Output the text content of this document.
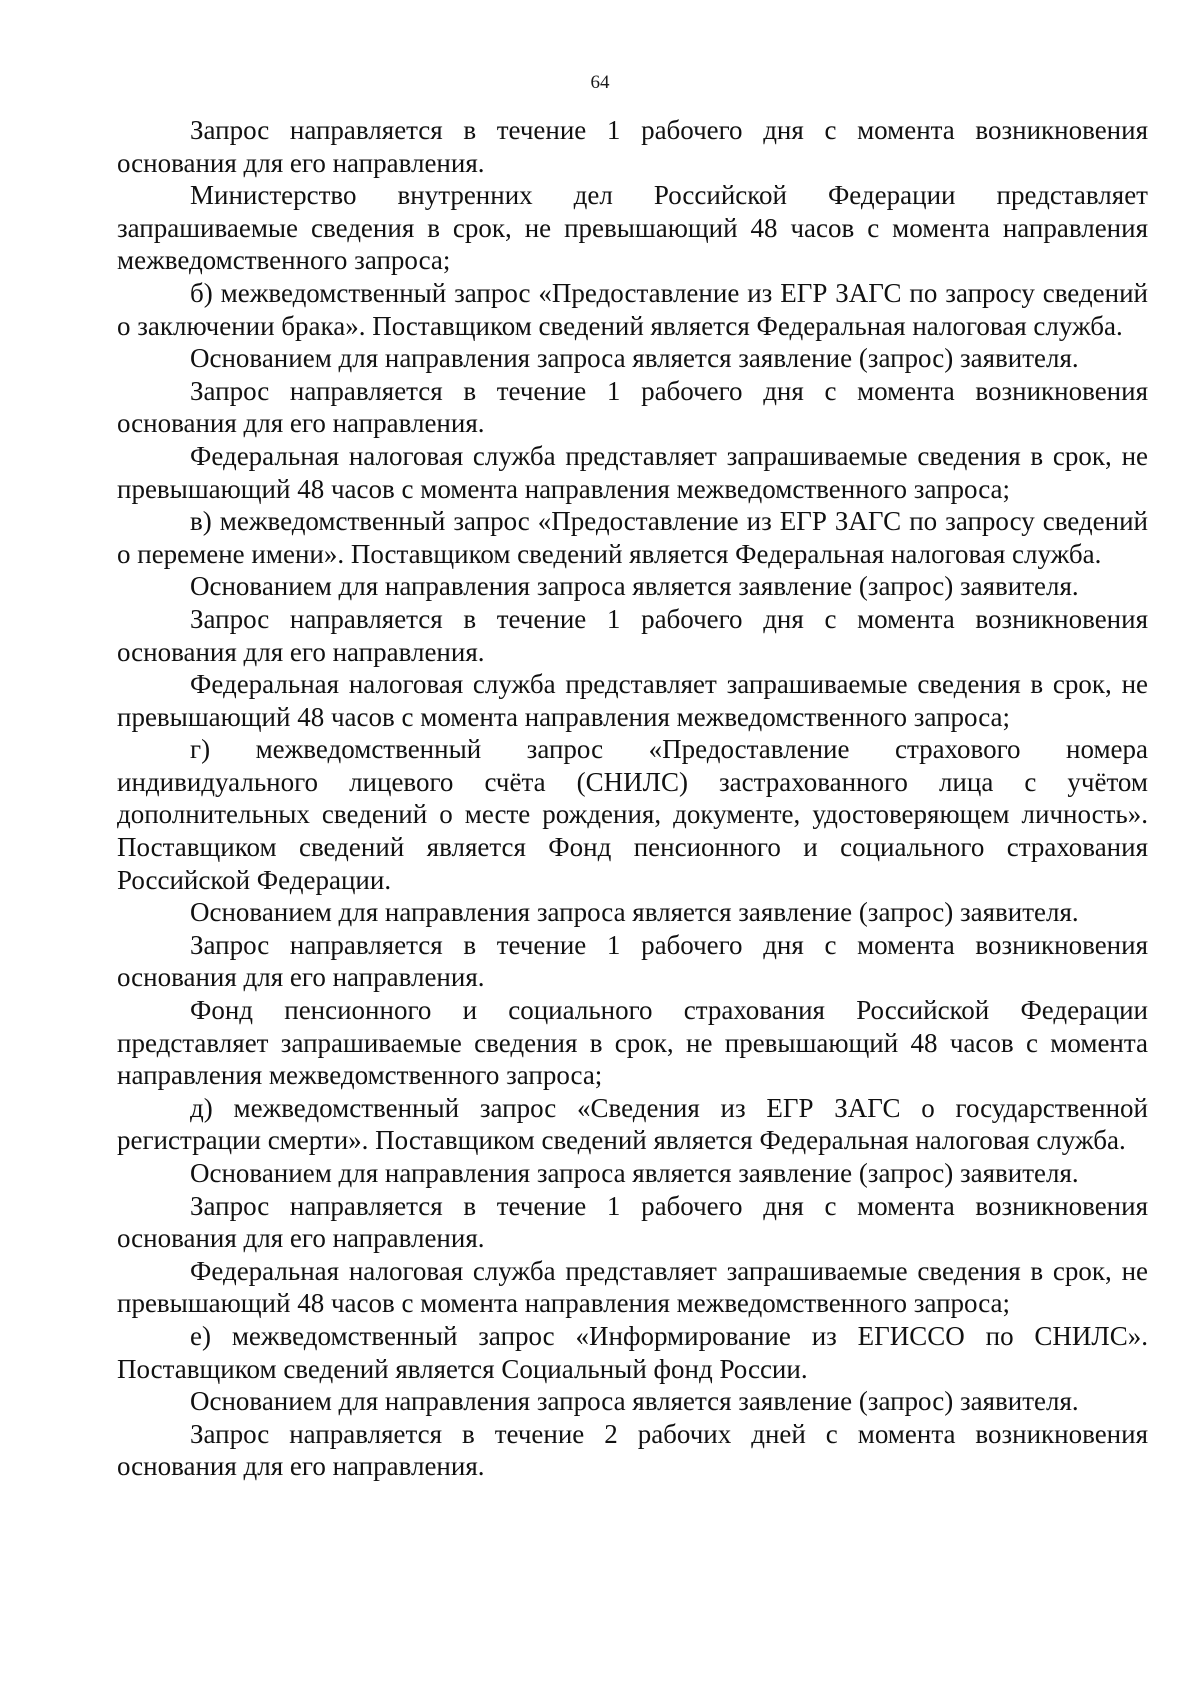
64

Запрос направляется в течение 1 рабочего дня с момента возникновения основания для его направления.

Министерство внутренних дел Российской Федерации представляет запрашиваемые сведения в срок, не превышающий 48 часов с момента направления межведомственного запроса;

б) межведомственный запрос «Предоставление из ЕГР ЗАГС по запросу сведений о заключении брака». Поставщиком сведений является Федеральная налоговая служба.

Основанием для направления запроса является заявление (запрос) заявителя.

Запрос направляется в течение 1 рабочего дня с момента возникновения основания для его направления.

Федеральная налоговая служба представляет запрашиваемые сведения в срок, не превышающий 48 часов с момента направления межведомственного запроса;

в) межведомственный запрос «Предоставление из ЕГР ЗАГС по запросу сведений о перемене имени». Поставщиком сведений является Федеральная налоговая служба.

Основанием для направления запроса является заявление (запрос) заявителя.

Запрос направляется в течение 1 рабочего дня с момента возникновения основания для его направления.

Федеральная налоговая служба представляет запрашиваемые сведения в срок, не превышающий 48 часов с момента направления межведомственного запроса;

г) межведомственный запрос «Предоставление страхового номера индивидуального лицевого счёта (СНИЛС) застрахованного лица с учётом дополнительных сведений о месте рождения, документе, удостоверяющем личность». Поставщиком сведений является Фонд пенсионного и социального страхования Российской Федерации.

Основанием для направления запроса является заявление (запрос) заявителя.

Запрос направляется в течение 1 рабочего дня с момента возникновения основания для его направления.

Фонд пенсионного и социального страхования Российской Федерации представляет запрашиваемые сведения в срок, не превышающий 48 часов с момента направления межведомственного запроса;

д) межведомственный запрос «Сведения из ЕГР ЗАГС о государственной регистрации смерти». Поставщиком сведений является Федеральная налоговая служба.

Основанием для направления запроса является заявление (запрос) заявителя.

Запрос направляется в течение 1 рабочего дня с момента возникновения основания для его направления.

Федеральная налоговая служба представляет запрашиваемые сведения в срок, не превышающий 48 часов с момента направления межведомственного запроса;

е) межведомственный запрос «Информирование из ЕГИССО по СНИЛС». Поставщиком сведений является Социальный фонд России.

Основанием для направления запроса является заявление (запрос) заявителя.

Запрос направляется в течение 2 рабочих дней с момента возникновения основания для его направления.
